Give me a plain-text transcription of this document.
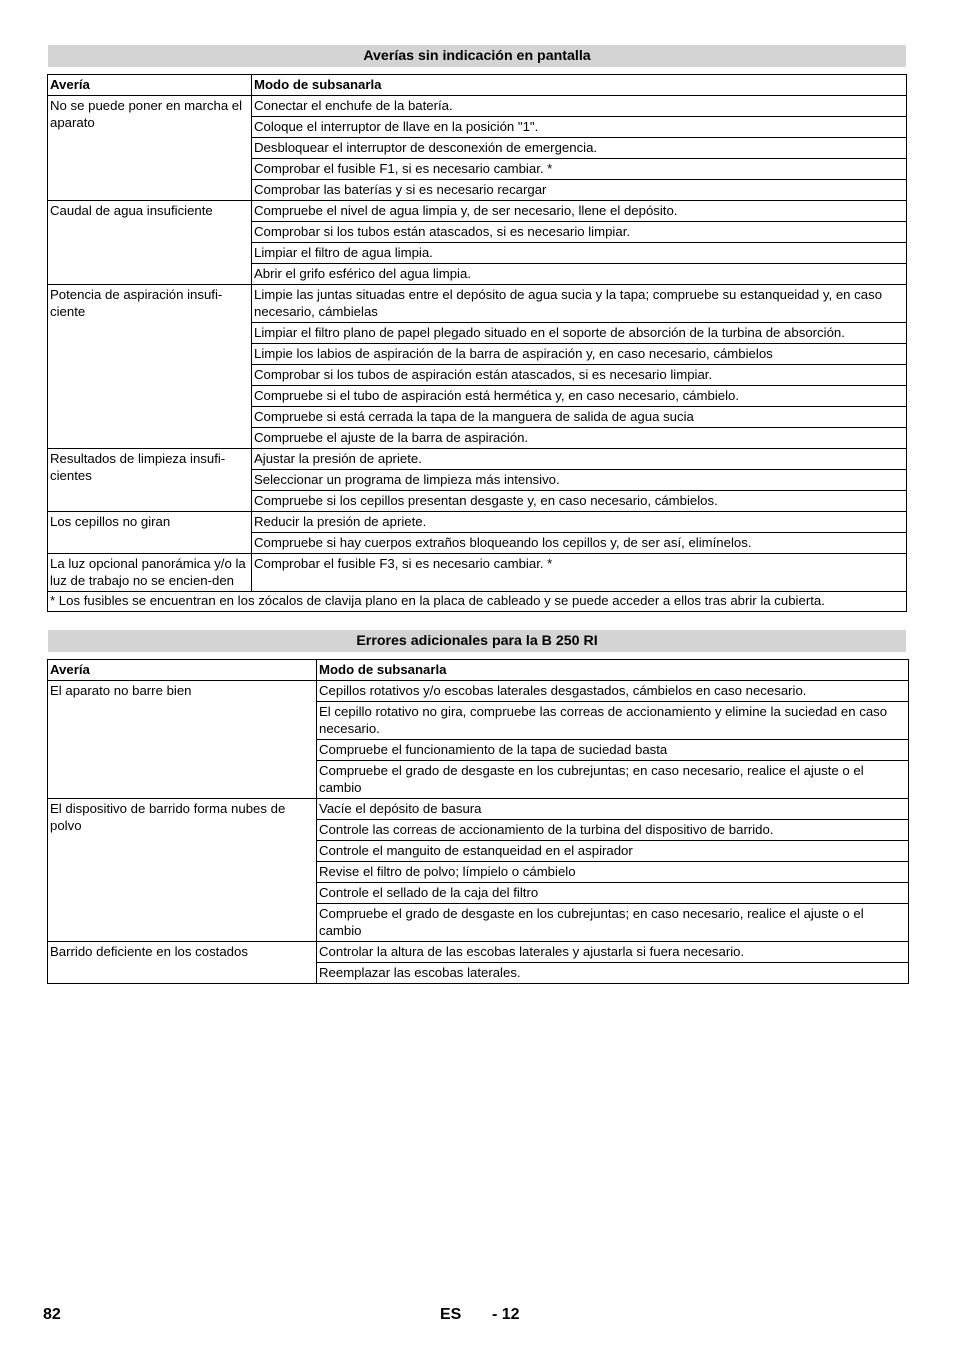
Averías sin indicación en pantalla
Avería	Modo de subsanarla
No se puede poner en marcha el aparato	Conectar el enchufe de la batería.
	Coloque el interruptor de llave en la posición "1".
	Desbloquear el interruptor de desconexión de emergencia.
	Comprobar el fusible F1, si es necesario cambiar. *
	Comprobar las baterías y si es necesario recargar
Caudal de agua insuficiente	Compruebe el nivel de agua limpia y, de ser necesario, llene el depósito.
	Comprobar si los tubos están atascados, si es necesario limpiar.
	Limpiar el filtro de agua limpia.
	Abrir el grifo esférico del agua limpia.
Potencia de aspiración insufi-ciente	Limpie las juntas situadas entre el depósito de agua sucia y la tapa; compruebe su estanqueidad y, en caso necesario, cámbielas
	Limpiar el filtro plano de papel plegado situado en el soporte de absorción de la turbina de absorción.
	Limpie los labios de aspiración de la barra de aspiración y, en caso necesario, cámbielos
	Comprobar si los tubos de aspiración están atascados, si es necesario limpiar.
	Compruebe si el tubo de aspiración está hermética y, en caso necesario, cámbielo.
	Compruebe si está cerrada la tapa de la manguera de salida de agua sucia
	Compruebe el ajuste de la barra de aspiración.
Resultados de limpieza insufi-cientes	Ajustar la presión de apriete.
	Seleccionar un programa de limpieza más intensivo.
	Compruebe si los cepillos presentan desgaste y, en caso necesario, cámbielos.
Los cepillos no giran	Reducir la presión de apriete.
	Compruebe si hay cuerpos extraños bloqueando los cepillos y, de ser así, elimínelos.
La luz opcional panorámica y/o la luz de trabajo no se encien-den	Comprobar el fusible F3, si es necesario cambiar. *
* Los fusibles se encuentran en los zócalos de clavija plano en la placa de cableado y se puede acceder a ellos tras abrir la cubierta.	
Errores adicionales para la B 250 RI
Avería	Modo de subsanarla
El aparato no barre bien	Cepillos rotativos y/o escobas laterales desgastados, cámbielos en caso necesario.
	El cepillo rotativo no gira, compruebe las correas de accionamiento y elimine la suciedad en caso necesario.
	Compruebe el funcionamiento de la tapa de suciedad basta
	Compruebe el grado de desgaste en los cubrejuntas; en caso necesario, realice el ajuste o el cambio
El dispositivo de barrido forma nubes de polvo	Vacíe el depósito de basura
	Controle las correas de accionamiento de la turbina del dispositivo de barrido.
	Controle el manguito de estanqueidad en el aspirador
	Revise el filtro de polvo; límpielo o cámbielo
	Controle el sellado de la caja del filtro
	Compruebe el grado de desgaste en los cubrejuntas; en caso necesario, realice el ajuste o el cambio
Barrido deficiente en los costados	Controlar la altura de las escobas laterales y ajustarla si fuera necesario.
	Reemplazar las escobas laterales.
82	ES - 12
